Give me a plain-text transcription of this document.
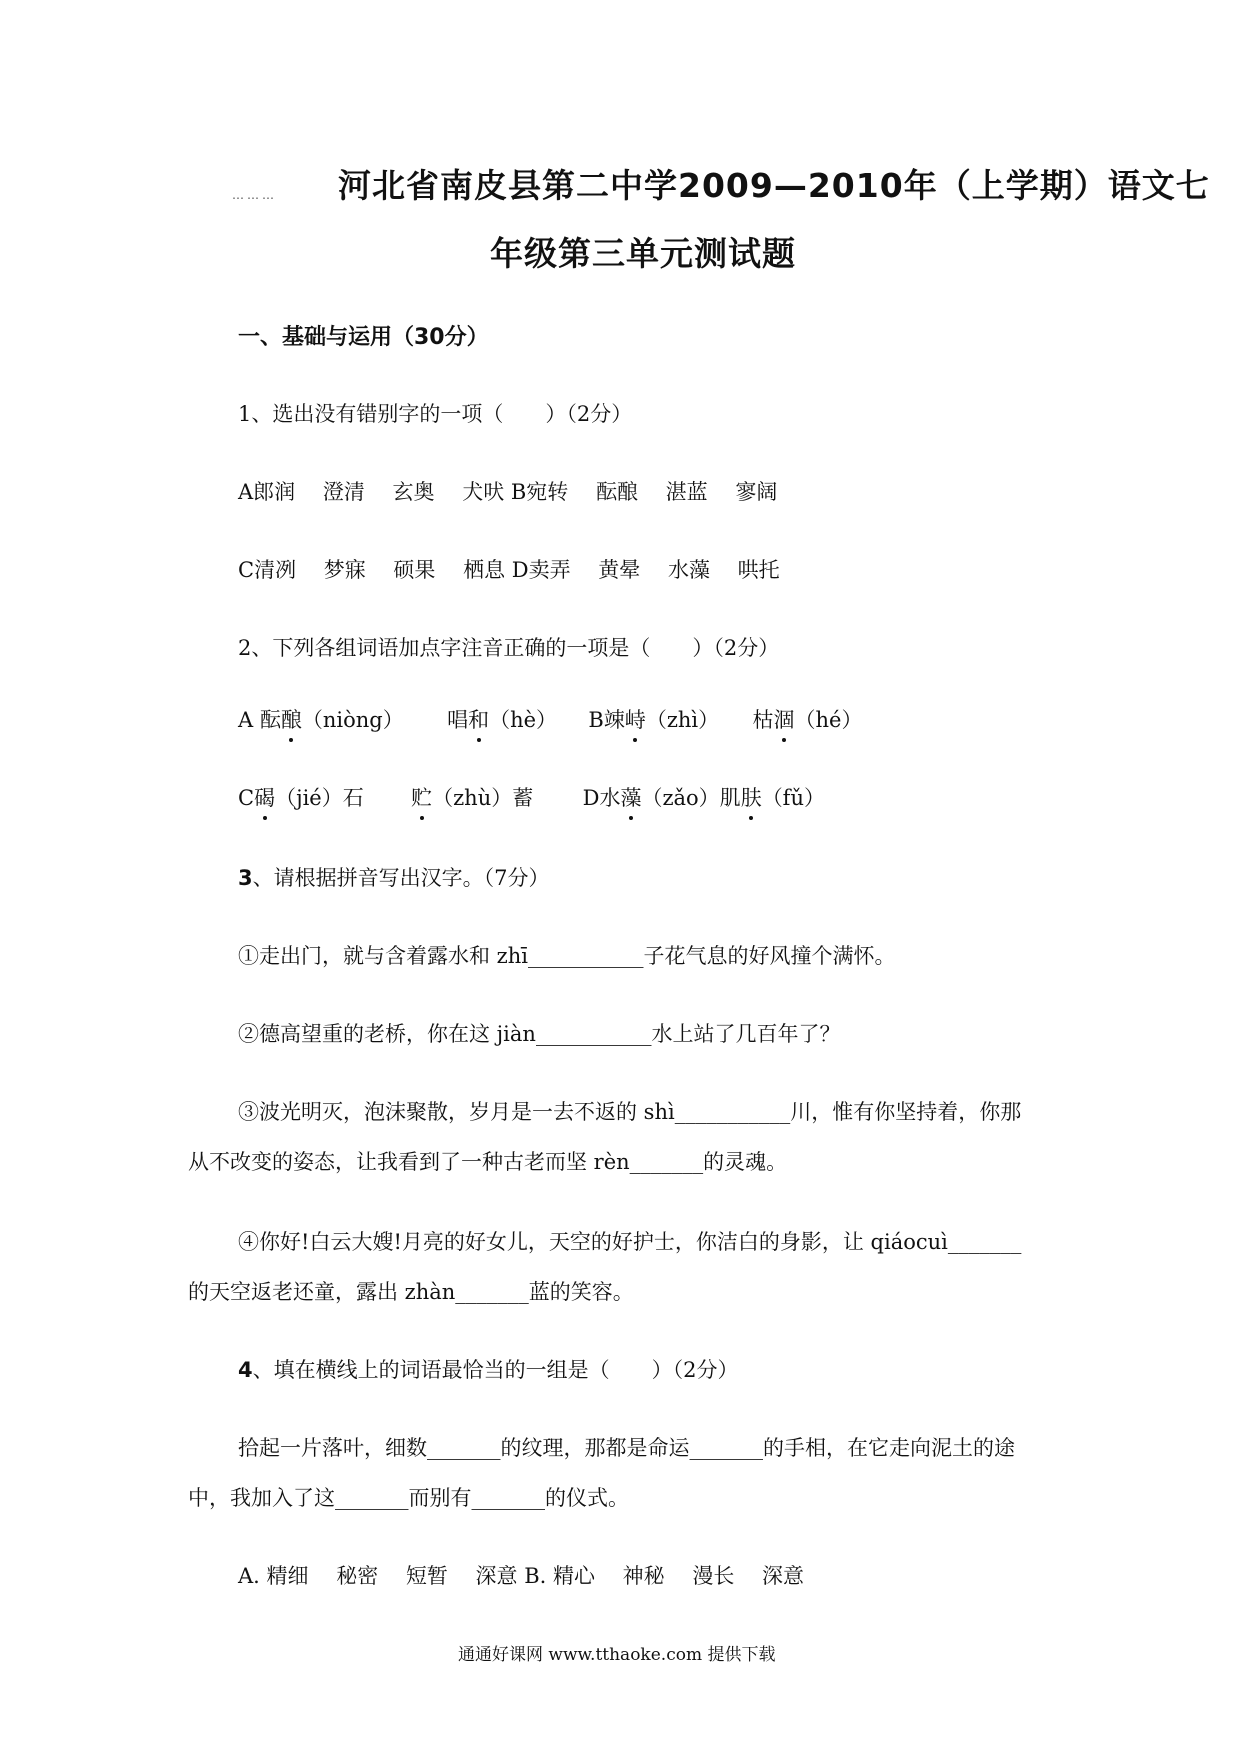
……… 河北省南皮县第二中学2009—2010年（上学期）语文七
年级第三单元测试题
一、基础与运用（30分）
1、选出没有错别字的一项（　　）（2分）
A郎润　 澄清　 玄奥　 犬吠 B宛转　 酝酿　 湛蓝　 寥阔
C清冽　 梦寐　 硕果　 栖息 D卖弄　 黄晕　 水藻　 哄托
2、下列各组词语加点字注音正确的一项是（　　）（2分）
A 酝酿（niòng） 唱和（hè） B竦峙（zhì） 枯涸（hé）
C碣（jié）石 贮（zhù）蓄 D水藻（zǎo）肌肤（fǔ）
3、请根据拼音写出汉字。（7分）
①走出门，就与含着露水和 zhī___________子花气息的好风撞个满怀。
②德高望重的老桥，你在这 jiàn___________水上站了几百年了？
③波光明灭，泡沫聚散，岁月是一去不返的 shì___________川，惟有你坚持着，你那
从不改变的姿态，让我看到了一种古老而坚 rèn_______的灵魂。
④你好!白云大嫂!月亮的好女儿，天空的好护士，你洁白的身影，让 qiáocuì_______
的天空返老还童，露出 zhàn_______蓝的笑容。
4、填在横线上的词语最恰当的一组是（　　）（2分）
拾起一片落叶，细数_______的纹理，那都是命运_______的手相，在它走向泥土的途
中，我加入了这_______而别有_______的仪式。
A. 精细　 秘密　 短暂　 深意 B. 精心　 神秘　 漫长　 深意
通通好课网 www.tthaoke.com 提供下载
